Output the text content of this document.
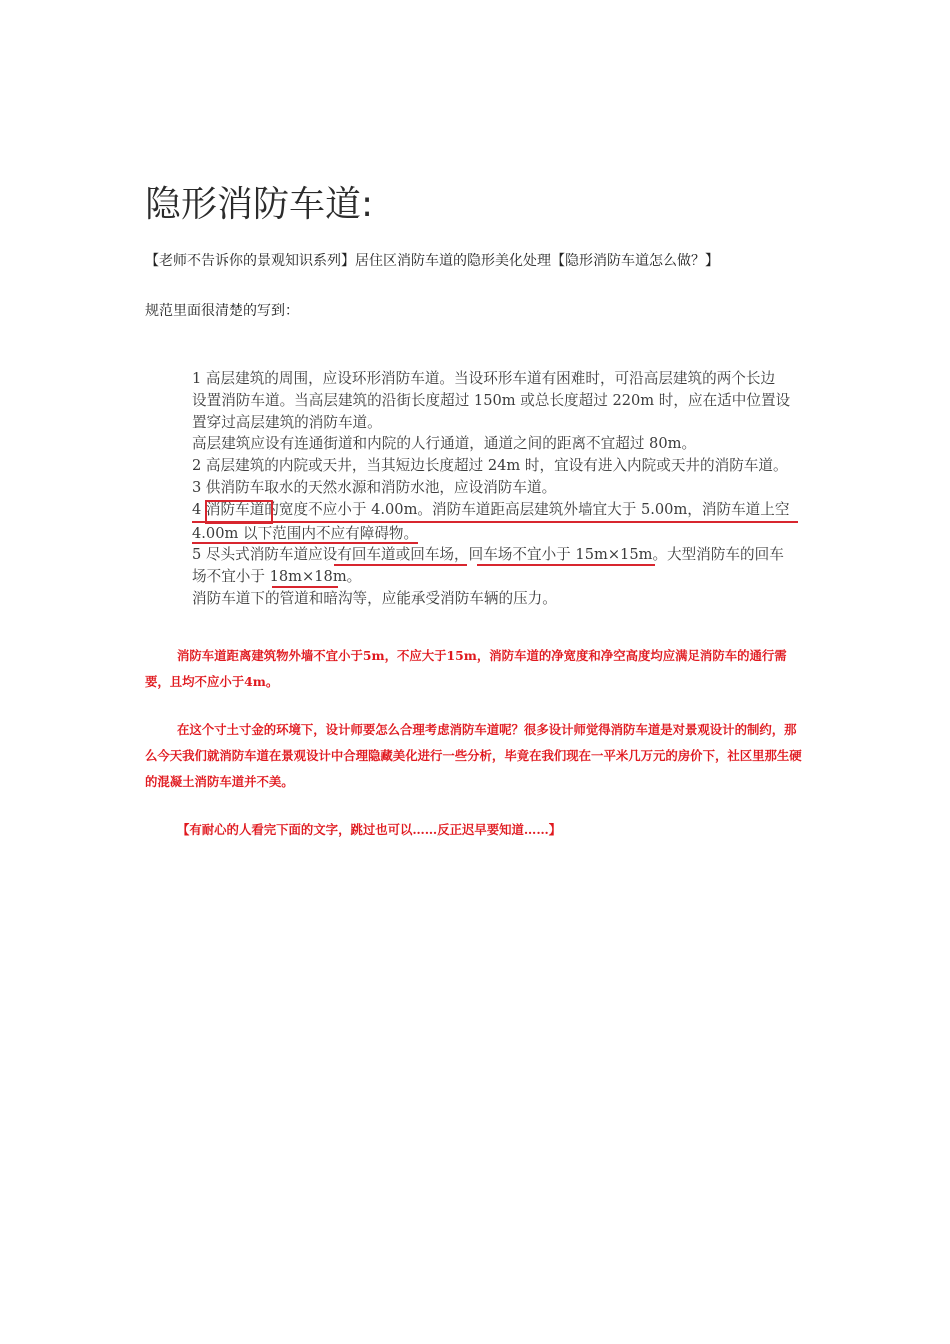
隐形消防车道:
【老师不告诉你的景观知识系列】居住区消防车道的隐形美化处理【隐形消防车道怎么做？】
规范里面很清楚的写到：
1 高层建筑的周围，应设环形消防车道。当设环形车道有困难时，可沿高层建筑的两个长边
设置消防车道。当高层建筑的沿街长度超过 150m 或总长度超过 220m 时，应在适中位置设
置穿过高层建筑的消防车道。
高层建筑应设有连通街道和内院的人行通道，通道之间的距离不宜超过 80m。
2 高层建筑的内院或天井，当其短边长度超过 24m 时，宜设有进入内院或天井的消防车道。
3 供消防车取水的天然水源和消防水池，应设消防车道。
4 消防车道的宽度不应小于 4.00m。消防车道距高层建筑外墙宜大于 5.00m，消防车道上空
4.00m 以下范围内不应有障碍物。
5 尽头式消防车道应设有回车道或回车场，回车场不宜小于 15m×15m。大型消防车的回车
场不宜小于 18m×18m。
消防车道下的管道和暗沟等，应能承受消防车辆的压力。
消防车道距离建筑物外墙不宜小于5m，不应大于15m，消防车道的净宽度和净空高度均应满足消防车的通行需要，且均不应小于4m。
在这个寸土寸金的环境下，设计师要怎么合理考虑消防车道呢？很多设计师觉得消防车道是对景观设计的制约，那么今天我们就消防车道在景观设计中合理隐藏美化进行一些分析，毕竟在我们现在一平米几万元的房价下，社区里那生硬的混凝土消防车道并不美。
【有耐心的人看完下面的文字，跳过也可以……反正迟早要知道……】
